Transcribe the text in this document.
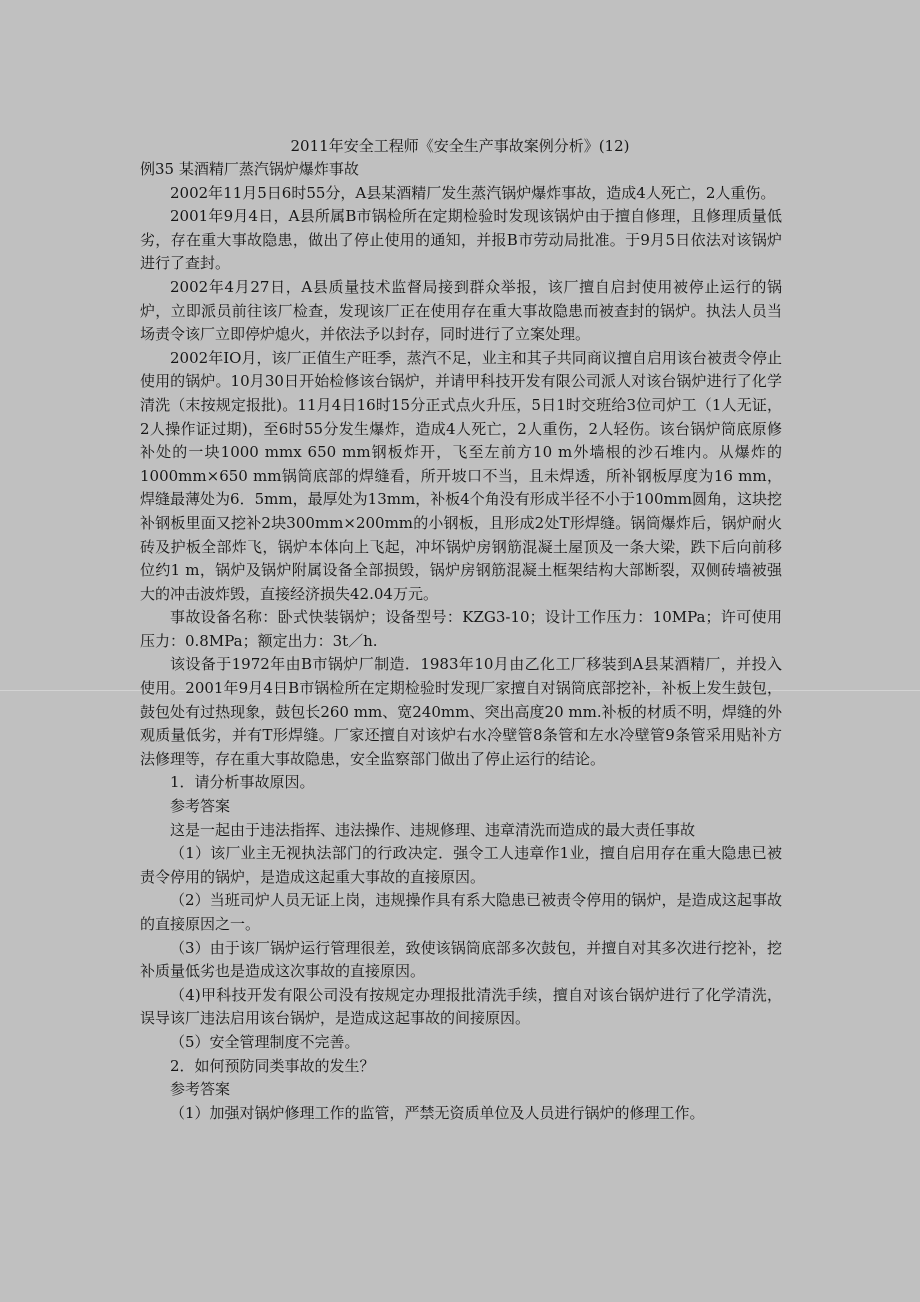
2011年安全工程师《安全生产事故案例分析》(12)

例35 某酒精厂蒸汽锅炉爆炸事故

2002年11月5日6时55分，A县某酒精厂发生蒸汽锅炉爆炸事故，造成4人死亡，2人重伤。

2001年9月4日，A县所属B市锅检所在定期检验时发现该锅炉由于擅自修理，且修理质量低劣，存在重大事故隐患，做出了停止使用的通知，并报B市劳动局批准。于9月5日依法对该锅炉进行了查封。

2002年4月27日，A县质量技术监督局接到群众举报，该厂擅自启封使用被停止运行的锅炉，立即派员前往该厂检查，发现该厂正在使用存在重大事故隐患而被查封的锅炉。执法人员当场责令该厂立即停炉熄火，并依法予以封存，同时进行了立案处理。

2002年IO月，该厂正值生产旺季，蒸汽不足，业主和其子共同商议擅自启用该台被责令停止使用的锅炉。10月30日开始检修该台锅炉，并请甲科技开发有限公司派人对该台锅炉进行了化学清洗（末按规定报批)。11月4日16时15分正式点火升压，5日1时交班给3位司炉工（1人无证，2人操作证过期)，至6时55分发生爆炸，造成4人死亡，2人重伤，2人轻伤。该台锅炉筒底原修补处的一块1000 mmx 650 mm钢板炸开，飞至左前方10 m外墙根的沙石堆内。从爆炸的1000mm×650 mm锅筒底部的焊缝看，所开坡口不当，且未焊透，所补钢板厚度为16 mm，焊缝最薄处为6．5mm，最厚处为13mm，补板4个角没有形成半径不小于100mm圆角，这块挖补钢板里面又挖补2块300mm×200mm的小钢板，且形成2处T形焊缝。锅筒爆炸后，锅炉耐火砖及护板全部炸飞，锅炉本体向上飞起，冲坏锅炉房钢筋混凝土屋顶及一条大梁，跌下后向前移位约1 m，锅炉及锅炉附属设备全部损毁，锅炉房钢筋混凝土框架结构大部断裂，双侧砖墙被强大的冲击波炸毁，直接经济损失42.04万元。

事故设备名称：卧式快装锅炉；设备型号：KZG3-10；设计工作压力：10MPa；许可使用压力：0.8MPa；额定出力：3t／h.

该设备于1972年由B市锅炉厂制造．1983年10月由乙化工厂移装到A县某酒精厂，并投入使用。2001年9月4日B市锅检所在定期检验时发现厂家擅自对锅筒底部挖补，补板上发生鼓包，鼓包处有过热现象，鼓包长260 mm、宽240mm、突出高度20 mm.补板的材质不明，焊缝的外观质量低劣，并有T形焊缝。厂家还擅自对该炉右水冷壁管8条管和左水冷壁管9条管采用贴补方法修理等，存在重大事故隐患，安全监察部门做出了停止运行的结论。

1．请分析事故原因。

参考答案

这是一起由于违法指挥、违法操作、违规修理、违章清洗而造成的最大责任事故

（1）该厂业主无视执法部门的行政决定．强令工人违章作1业，擅自启用存在重大隐患已被责令停用的锅炉，是造成这起重大事故的直接原因。

（2）当班司炉人员无证上岗，违规操作具有系大隐患已被责令停用的锅炉，是造成这起事故的直接原因之一。

（3）由于该厂锅炉运行管理很差，致使该锅筒底部多次鼓包，并擅自对其多次进行挖补，挖补质量低劣也是造成这次事故的直接原因。

（4)甲科技开发有限公司没有按规定办理报批清洗手续，擅自对该台锅炉进行了化学清洗，误导该厂违法启用该台锅炉，是造成这起事故的间接原因。

（5）安全管理制度不完善。

2．如何预防同类事故的发生？

参考答案

（1）加强对锅炉修理工作的监管，严禁无资质单位及人员进行锅炉的修理工作。
